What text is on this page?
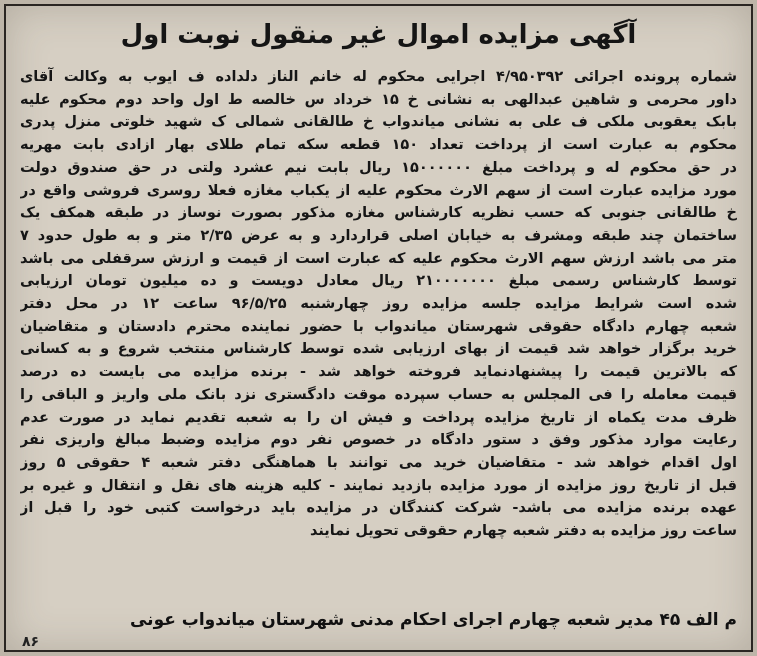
آگهی مزایده اموال غیر منقول نوبت اول
شماره پرونده اجرائی ۴/۹۵۰۳۹۲ اجرایی محکوم له خانم الناز دلداده ف ایوب به وکالت آقای
داور محرمی و شاهین عبدالهی به نشانی خ ۱۵ خرداد س خالصه ط اول واحد دوم محکوم علیه
بابک یعقوبی ملکی ف علی به نشانی میاندواب خ طالقانی شمالی ک شهید خلوتی منزل پدری
محکوم به عبارت است از پرداخت تعداد ۱۵۰ قطعه سکه تمام طلای بهار ازادی بابت مهریه
در حق محکوم له و پرداخت مبلغ ۱۵۰۰۰۰۰۰ ریال بابت نیم عشرد ولتی در حق صندوق دولت
مورد مزایده عبارت است از سهم الارث محکوم علیه از یکباب مغازه فعلا روسری فروشی واقع در
خ طالقانی جنوبی که حسب نظریه کارشناس مغازه مذکور بصورت نوساز در طبقه همکف یک
ساختمان چند طبقه ومشرف به خیابان اصلی قراردارد و به عرض ۲/۳۵ متر و به طول حدود ۷
متر می باشد ارزش سهم الارث محکوم علیه که عبارت است از قیمت و ارزش سرقفلی می باشد
توسط کارشناس رسمی مبلغ ۲۱۰۰۰۰۰۰۰ ریال معادل دویست و ده میلیون تومان ارزیابی
شده است شرایط مزایده جلسه مزایده روز چهارشنبه ۹۶/۵/۲۵ ساعت ۱۲ در محل دفتر
شعبه چهارم دادگاه حقوقی شهرستان میاندواب با حضور نماینده محترم دادستان و متقاضیان
خرید برگزار خواهد شد قیمت از بهای ارزیابی شده توسط کارشناس منتخب شروع و به کسانی
که بالاترین قیمت را پیشنهادنماید فروخته خواهد شد - برنده مزایده می بایست ده درصد
قیمت معامله را فی المجلس به حساب سپرده موقت دادگستری نزد بانک ملی واریز و الباقی را
ظرف مدت یکماه از تاریخ مزایده پرداخت و فیش ان را به شعبه تقدیم نماید در صورت عدم
رعایت موارد مذکور وفق د ستور دادگاه در خصوص نفر دوم مزایده وضبط مبالغ واریزی نفر
اول اقدام خواهد شد - متقاضیان خرید می توانند با هماهنگی دفتر شعبه ۴ حقوقی ۵ روز
قبل از تاریخ روز مزایده از مورد مزایده بازدید نمایند - کلیه هزینه های نقل و انتقال و غیره بر
عهده برنده مزایده می باشد- شرکت کنندگان در مزایده باید درخواست کتبی خود را قبل از
ساعت روز مزایده به دفتر شعبه چهارم حقوقی تحویل نمایند
م الف ۴۵ مدیر شعبه چهارم اجرای احکام مدنی شهرستان میاندواب عونی
۸۶
